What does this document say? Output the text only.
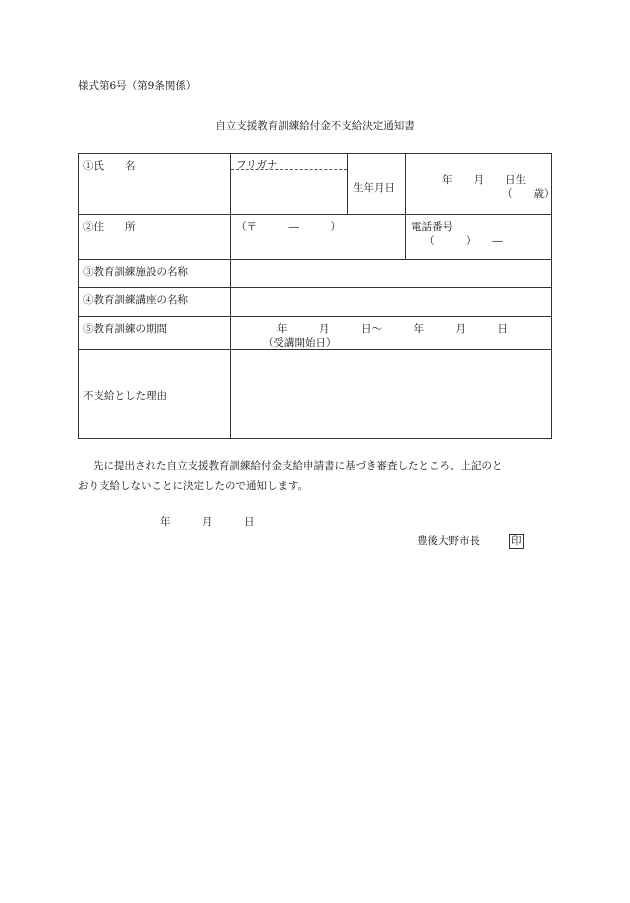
様式第6号（第9条関係）
自立支援教育訓練給付金不支給決定通知書
①氏　　名	フリガナ	生年月日	年　　月　　日生
（　　歳）

②住　　所	（〒　　　―　　　）		電話番号
（　　　）　　―

③教育訓練施設の名称			

④教育訓練講座の名称			

⑤教育訓練の期間	年　　　月　　　日～　　　年　　　月　　　日
（受講開始日）		

不支給とした理由			

先に提出された自立支援教育訓練給付金支給申請書に基づき審査したところ、上記のと
おり支給しないことに決定したので通知します。
年　　　月　　　日
豊後大野市長	印
